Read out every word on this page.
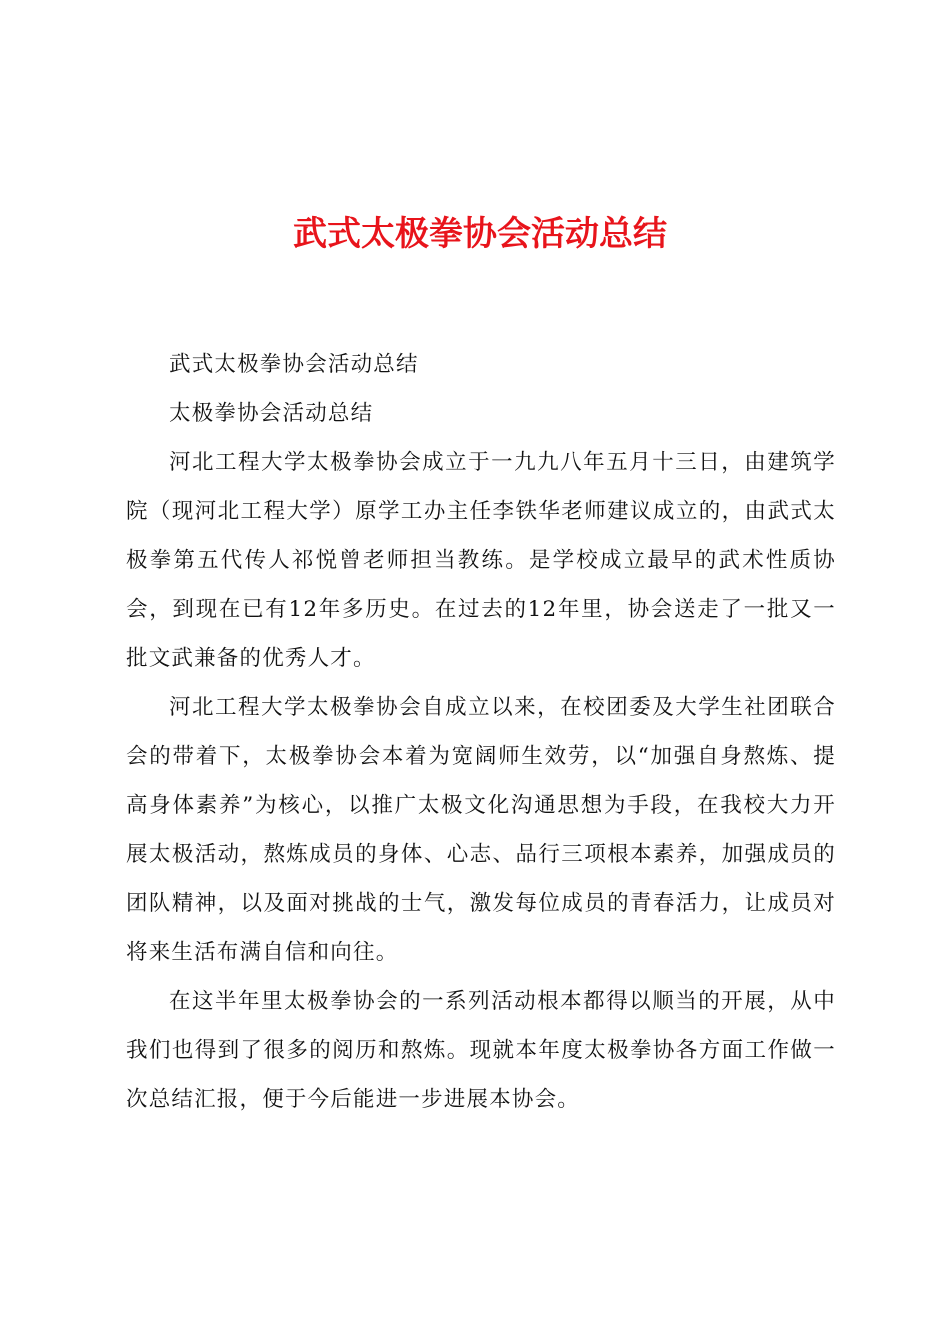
武式太极拳协会活动总结

武式太极拳协会活动总结

太极拳协会活动总结

河北工程大学太极拳协会成立于一九九八年五月十三日，由建筑学院（现河北工程大学）原学工办主任李铁华老师建议成立的，由武式太极拳第五代传人祁悦曾老师担当教练。是学校成立最早的武术性质协会，到现在已有12年多历史。在过去的12年里，协会送走了一批又一批文武兼备的优秀人才。

河北工程大学太极拳协会自成立以来，在校团委及大学生社团联合会的带着下，太极拳协会本着为宽阔师生效劳，以“加强自身熬炼、提高身体素养”为核心，以推广太极文化沟通思想为手段，在我校大力开展太极活动，熬炼成员的身体、心志、品行三项根本素养，加强成员的团队精神，以及面对挑战的士气，激发每位成员的青春活力，让成员对将来生活布满自信和向往。

在这半年里太极拳协会的一系列活动根本都得以顺当的开展，从中我们也得到了很多的阅历和熬炼。现就本年度太极拳协各方面工作做一次总结汇报，便于今后能进一步进展本协会。
